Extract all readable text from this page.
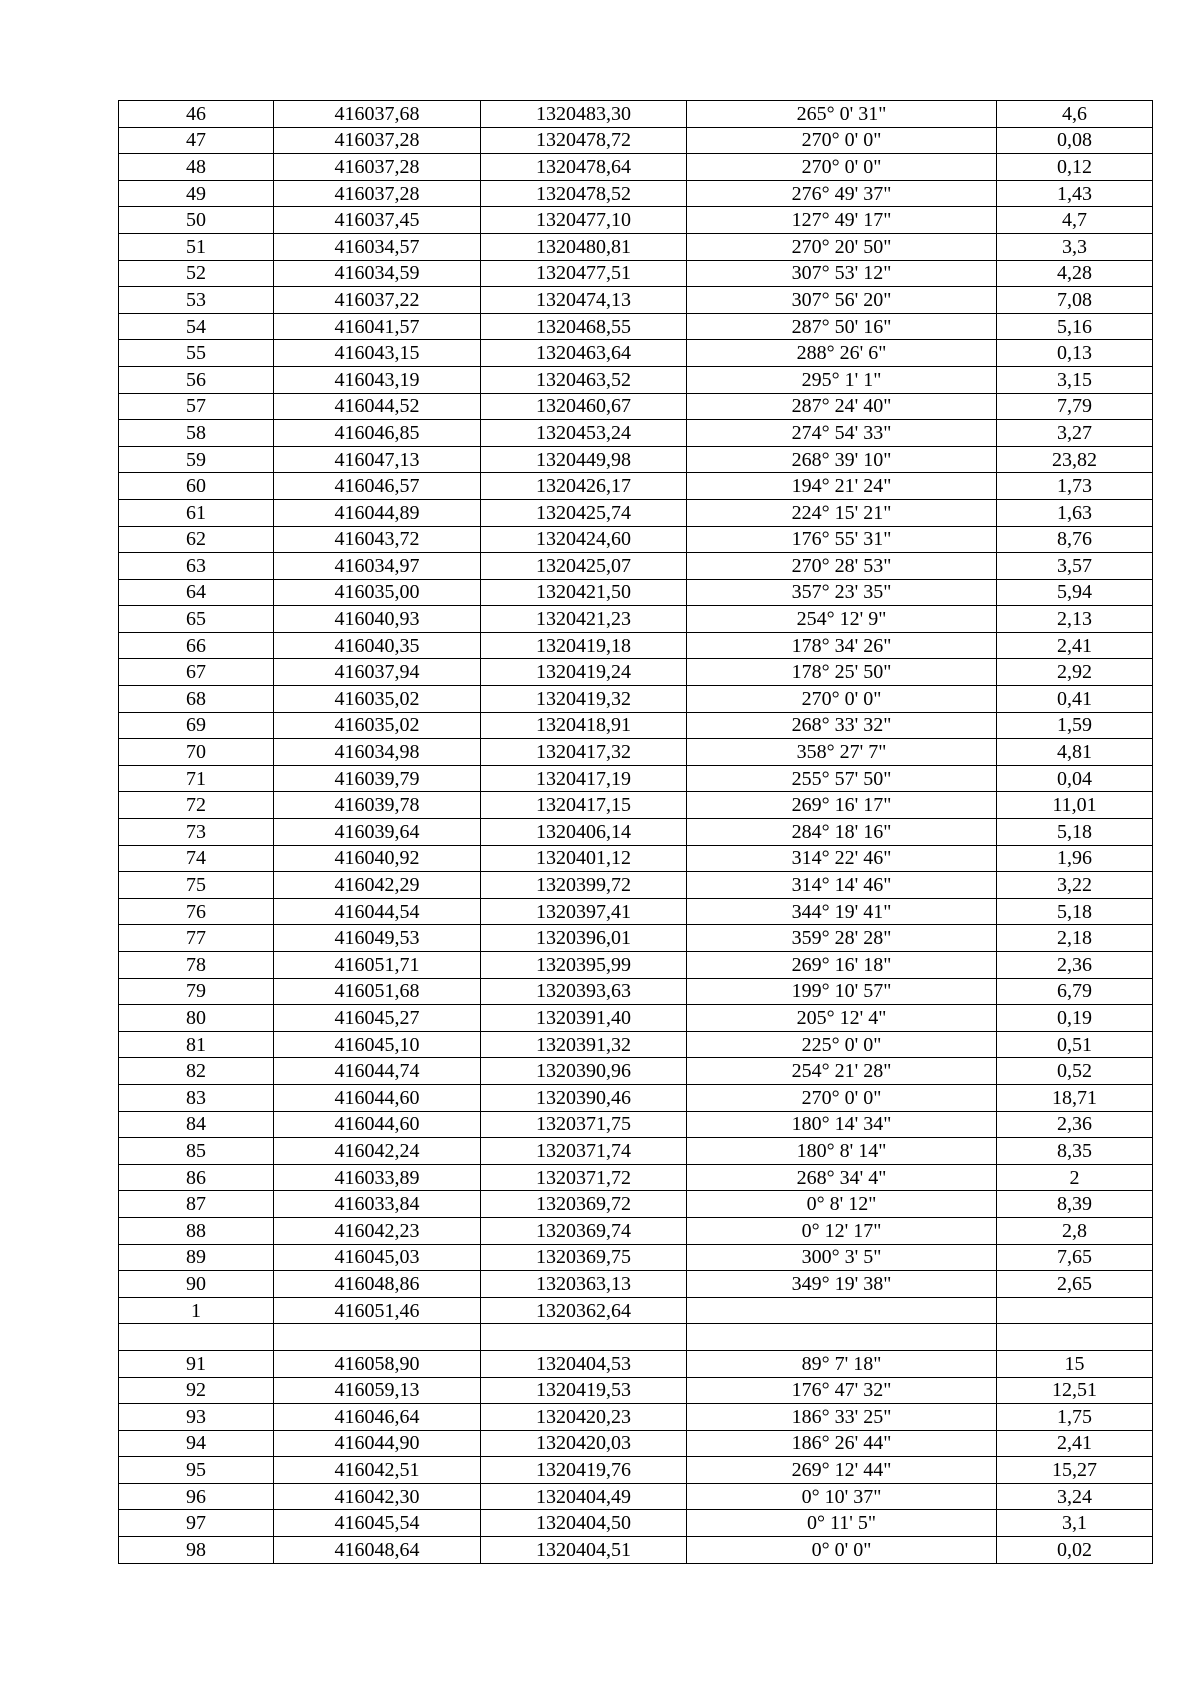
46	416037,68	1320483,30	265° 0' 31"	4,6
47	416037,28	1320478,72	270° 0' 0"	0,08
48	416037,28	1320478,64	270° 0' 0"	0,12
49	416037,28	1320478,52	276° 49' 37"	1,43
50	416037,45	1320477,10	127° 49' 17"	4,7
51	416034,57	1320480,81	270° 20' 50"	3,3
52	416034,59	1320477,51	307° 53' 12"	4,28
53	416037,22	1320474,13	307° 56' 20"	7,08
54	416041,57	1320468,55	287° 50' 16"	5,16
55	416043,15	1320463,64	288° 26' 6"	0,13
56	416043,19	1320463,52	295° 1' 1"	3,15
57	416044,52	1320460,67	287° 24' 40"	7,79
58	416046,85	1320453,24	274° 54' 33"	3,27
59	416047,13	1320449,98	268° 39' 10"	23,82
60	416046,57	1320426,17	194° 21' 24"	1,73
61	416044,89	1320425,74	224° 15' 21"	1,63
62	416043,72	1320424,60	176° 55' 31"	8,76
63	416034,97	1320425,07	270° 28' 53"	3,57
64	416035,00	1320421,50	357° 23' 35"	5,94
65	416040,93	1320421,23	254° 12' 9"	2,13
66	416040,35	1320419,18	178° 34' 26"	2,41
67	416037,94	1320419,24	178° 25' 50"	2,92
68	416035,02	1320419,32	270° 0' 0"	0,41
69	416035,02	1320418,91	268° 33' 32"	1,59
70	416034,98	1320417,32	358° 27' 7"	4,81
71	416039,79	1320417,19	255° 57' 50"	0,04
72	416039,78	1320417,15	269° 16' 17"	11,01
73	416039,64	1320406,14	284° 18' 16"	5,18
74	416040,92	1320401,12	314° 22' 46"	1,96
75	416042,29	1320399,72	314° 14' 46"	3,22
76	416044,54	1320397,41	344° 19' 41"	5,18
77	416049,53	1320396,01	359° 28' 28"	2,18
78	416051,71	1320395,99	269° 16' 18"	2,36
79	416051,68	1320393,63	199° 10' 57"	6,79
80	416045,27	1320391,40	205° 12' 4"	0,19
81	416045,10	1320391,32	225° 0' 0"	0,51
82	416044,74	1320390,96	254° 21' 28"	0,52
83	416044,60	1320390,46	270° 0' 0"	18,71
84	416044,60	1320371,75	180° 14' 34"	2,36
85	416042,24	1320371,74	180° 8' 14"	8,35
86	416033,89	1320371,72	268° 34' 4"	2
87	416033,84	1320369,72	0° 8' 12"	8,39
88	416042,23	1320369,74	0° 12' 17"	2,8
89	416045,03	1320369,75	300° 3' 5"	7,65
90	416048,86	1320363,13	349° 19' 38"	2,65
1	416051,46	1320362,64		

91	416058,90	1320404,53	89° 7' 18"	15
92	416059,13	1320419,53	176° 47' 32"	12,51
93	416046,64	1320420,23	186° 33' 25"	1,75
94	416044,90	1320420,03	186° 26' 44"	2,41
95	416042,51	1320419,76	269° 12' 44"	15,27
96	416042,30	1320404,49	0° 10' 37"	3,24
97	416045,54	1320404,50	0° 11' 5"	3,1
98	416048,64	1320404,51	0° 0' 0"	0,02
